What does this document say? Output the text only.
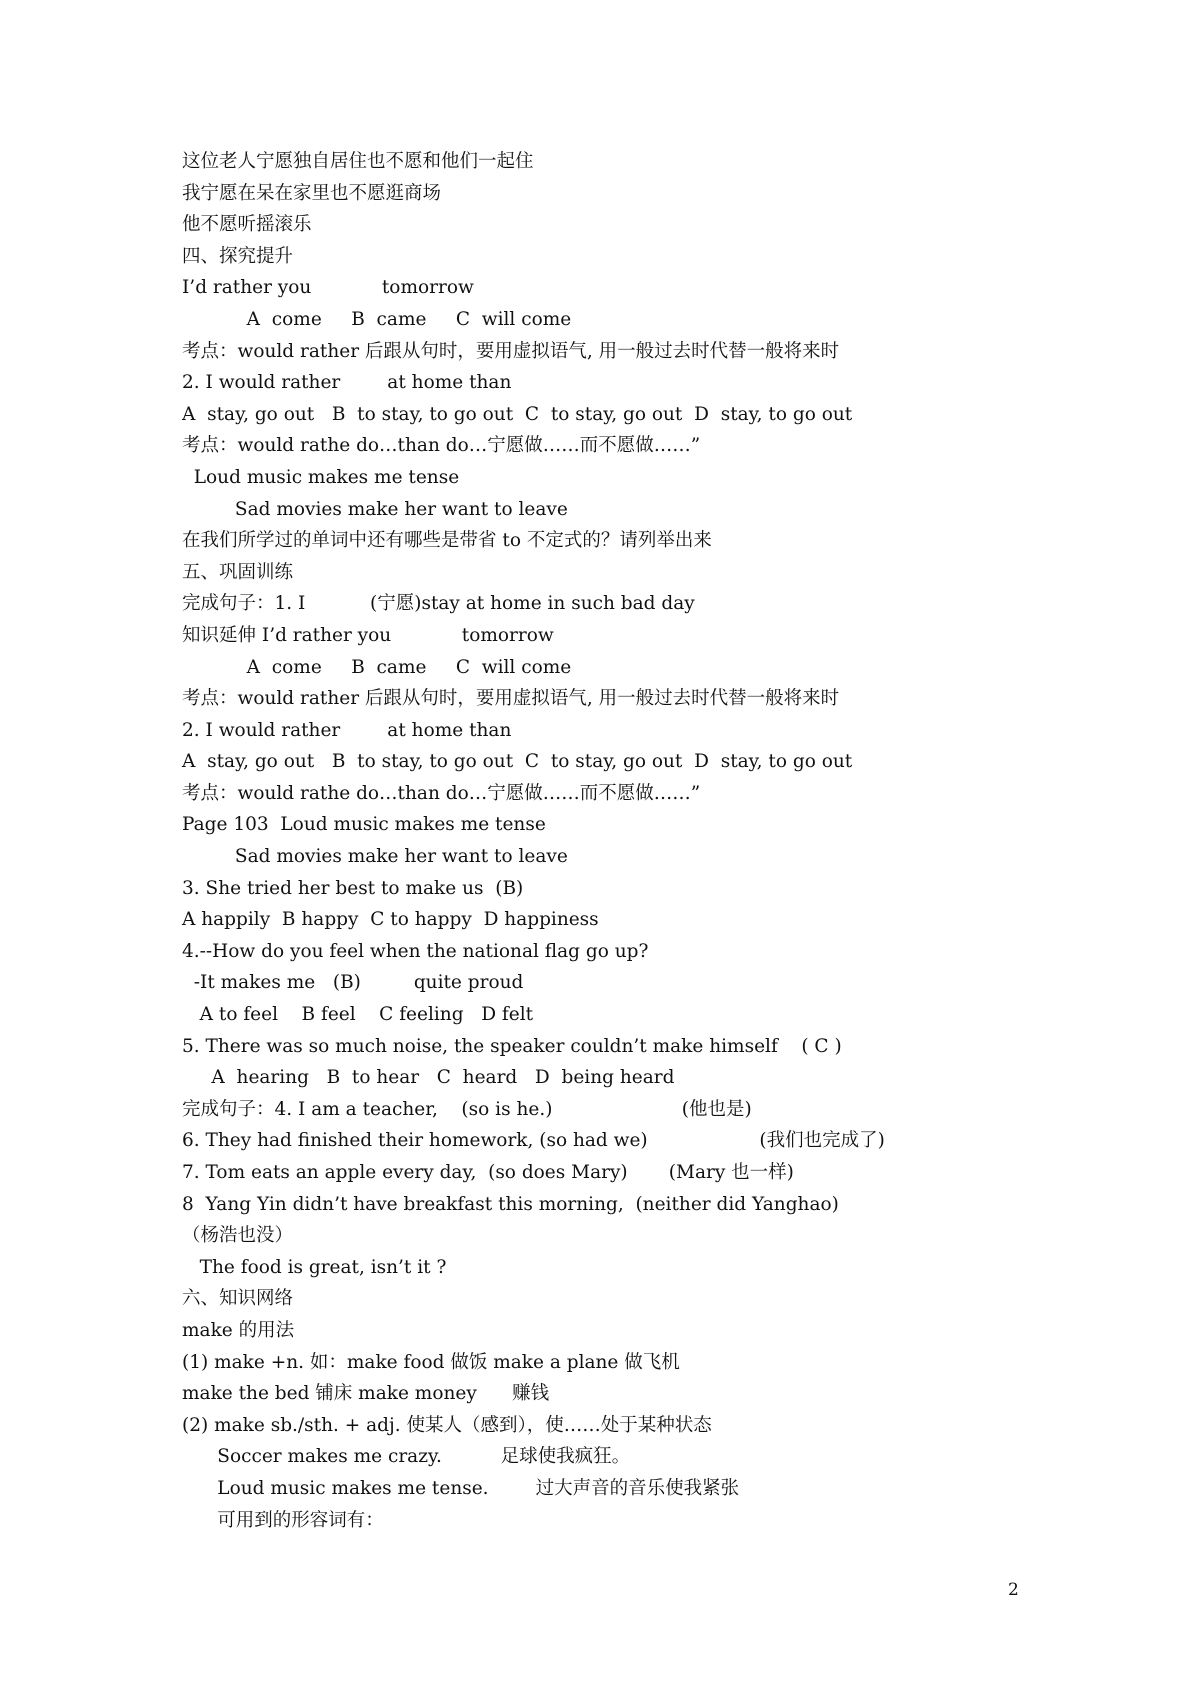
这位老人宁愿独自居住也不愿和他们一起住
我宁愿在呆在家里也不愿逛商场
他不愿听摇滚乐
四、探究提升
I’d rather you            tomorrow
A  come     B  came     C  will come
考点：would rather 后跟从句时，要用虚拟语气, 用一般过去时代替一般将来时
2. I would rather        at home than
A  stay, go out   B  to stay, to go out  C  to stay, go out  D  stay, to go out
考点：would rathe do…than do…宁愿做……而不愿做……”
Loud music makes me tense
Sad movies make her want to leave
在我们所学过的单词中还有哪些是带省 to 不定式的？请列举出来
五、巩固训练
完成句子：1. I           (宁愿)stay at home in such bad day
知识延伸 I’d rather you            tomorrow
A  come     B  came     C  will come
考点：would rather 后跟从句时，要用虚拟语气, 用一般过去时代替一般将来时
2. I would rather        at home than
A  stay, go out   B  to stay, to go out  C  to stay, go out  D  stay, to go out
考点：would rathe do…than do…宁愿做……而不愿做……”
Page 103  Loud music makes me tense
Sad movies make her want to leave
3. She tried her best to make us  (B)
A happily  B happy  C to happy  D happiness
4.--How do you feel when the national flag go up?
-It makes me   (B)         quite proud
A to feel    B feel    C feeling   D felt
5. There was so much noise, the speaker couldn’t make himself    ( C )
A  hearing   B  to hear   C  heard   D  being heard
完成句子：4. I am a teacher,    (so is he.)                      (他也是)
6. They had finished their homework, (so had we)                   (我们也完成了)
7. Tom eats an apple every day,  (so does Mary)       (Mary 也一样)
8  Yang Yin didn’t have breakfast this morning,  (neither did Yanghao)
（杨浩也没）
The food is great, isn’t it ?
六、知识网络
make 的用法
(1) make +n. 如：make food 做饭 make a plane 做飞机
make the bed 铺床 make money      赚钱
(2) make sb./sth. + adj. 使某人（感到），使……处于某种状态
Soccer makes me crazy.          足球使我疯狂。
Loud music makes me tense.        过大声音的音乐使我紧张
可用到的形容词有：
2
